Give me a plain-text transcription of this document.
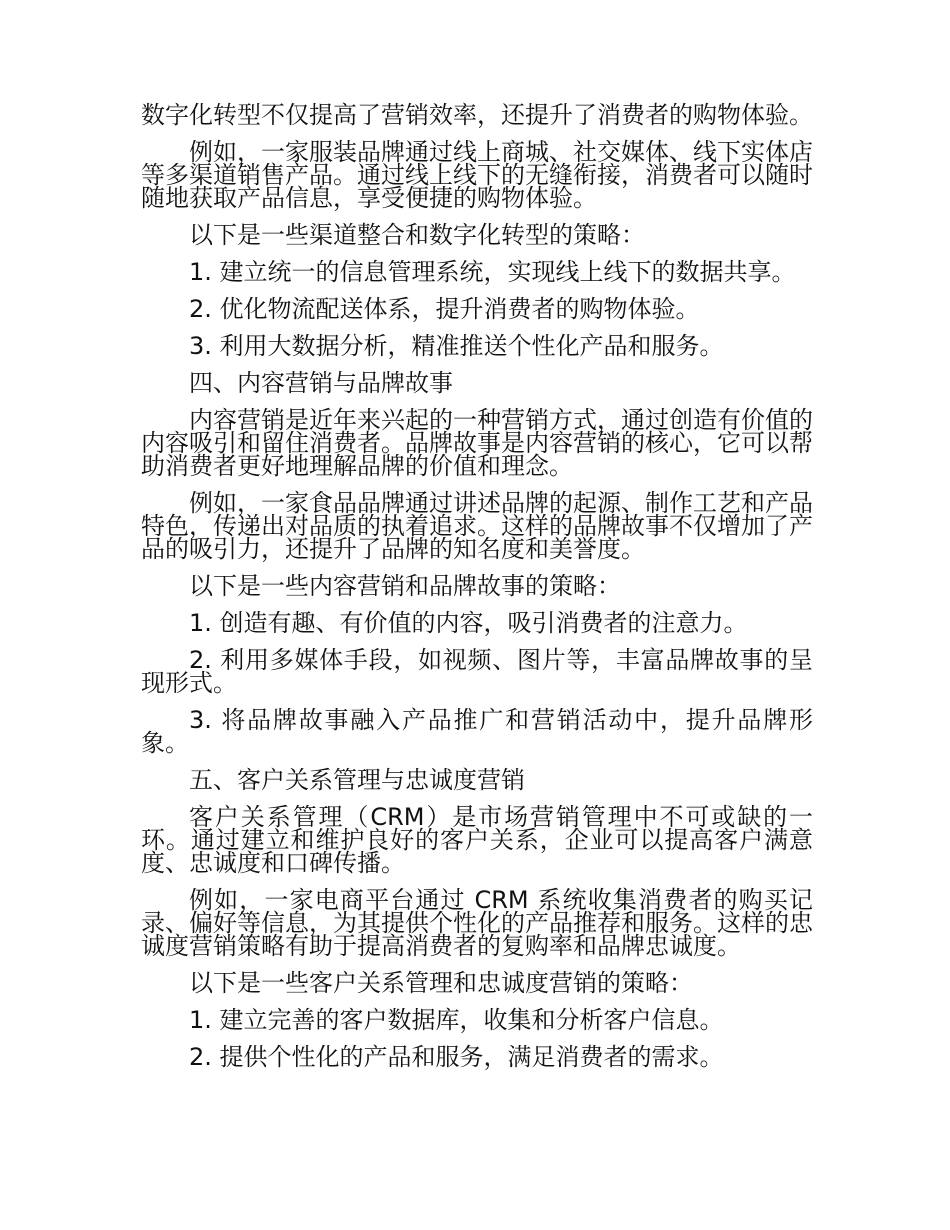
数字化转型不仅提高了营销效率，还提升了消费者的购物体验。

例如，一家服装品牌通过线上商城、社交媒体、线下实体店等多渠道销售产品。通过线上线下的无缝衔接，消费者可以随时随地获取产品信息，享受便捷的购物体验。

以下是一些渠道整合和数字化转型的策略：

1. 建立统一的信息管理系统，实现线上线下的数据共享。

2. 优化物流配送体系，提升消费者的购物体验。

3. 利用大数据分析，精准推送个性化产品和服务。

四、内容营销与品牌故事

内容营销是近年来兴起的一种营销方式，通过创造有价值的内容吸引和留住消费者。品牌故事是内容营销的核心，它可以帮助消费者更好地理解品牌的价值和理念。

例如，一家食品品牌通过讲述品牌的起源、制作工艺和产品特色，传递出对品质的执着追求。这样的品牌故事不仅增加了产品的吸引力，还提升了品牌的知名度和美誉度。

以下是一些内容营销和品牌故事的策略：

1. 创造有趣、有价值的内容，吸引消费者的注意力。

2. 利用多媒体手段，如视频、图片等，丰富品牌故事的呈现形式。

3. 将品牌故事融入产品推广和营销活动中，提升品牌形象。

五、客户关系管理与忠诚度营销

客户关系管理（CRM）是市场营销管理中不可或缺的一环。通过建立和维护良好的客户关系，企业可以提高客户满意度、忠诚度和口碑传播。

例如，一家电商平台通过 CRM 系统收集消费者的购买记录、偏好等信息，为其提供个性化的产品推荐和服务。这样的忠诚度营销策略有助于提高消费者的复购率和品牌忠诚度。

以下是一些客户关系管理和忠诚度营销的策略：

1. 建立完善的客户数据库，收集和分析客户信息。

2. 提供个性化的产品和服务，满足消费者的需求。
